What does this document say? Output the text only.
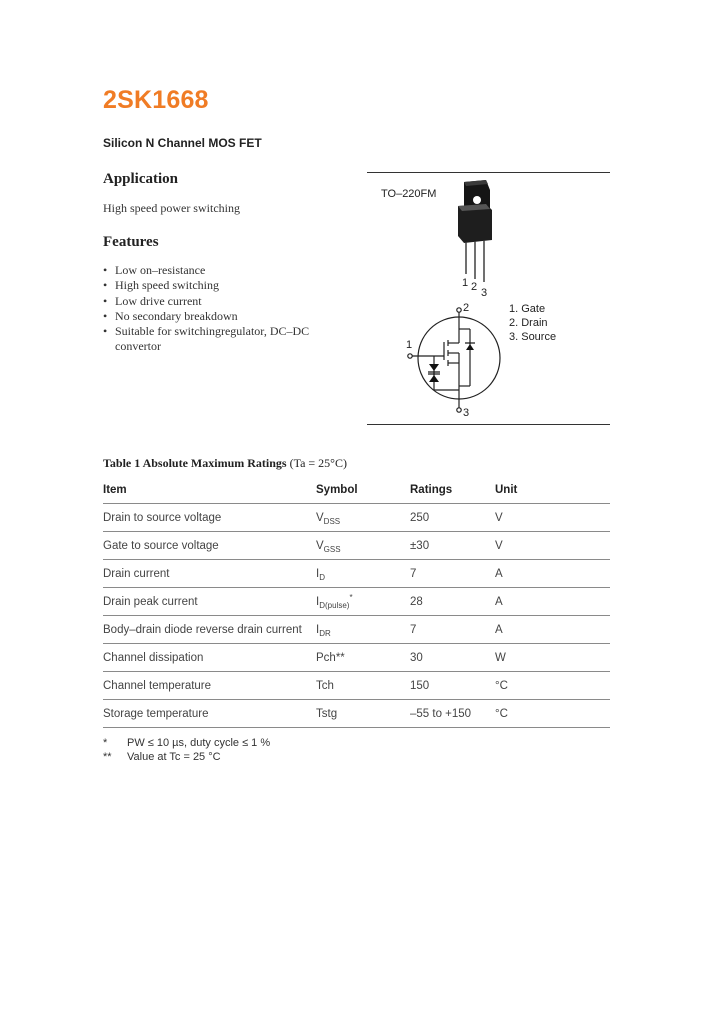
2SK1668
Silicon N Channel MOS FET
Application
High speed power switching
Features
• Low on–resistance
• High speed switching
• Low drive current
• No secondary breakdown
• Suitable for switchingregulator, DC–DC
convertor
TO–220FM
1 2 3
1
2
3
1. Gate
2. Drain
3. Source
Table 1 Absolute Maximum Ratings (Ta = 25°C)
Item	Symbol	Ratings	Unit
Drain to source voltage	$V_{DSS}$	250	V
Gate to source voltage	$V_{GSS}$	±30	V
Drain current	$I_D$	7	A
Drain peak current	$I_{D(pulse)}^*$	28	A
Body–drain diode reverse drain current	$I_{DR}$	7	A
Channel dissipation	Pch**	30	W
Channel temperature	Tch	150	°C
Storage temperature	Tstg	–55 to +150	°C
* PW ≤ 10 µs, duty cycle ≤ 1 %
** Value at Tc = 25 °C
